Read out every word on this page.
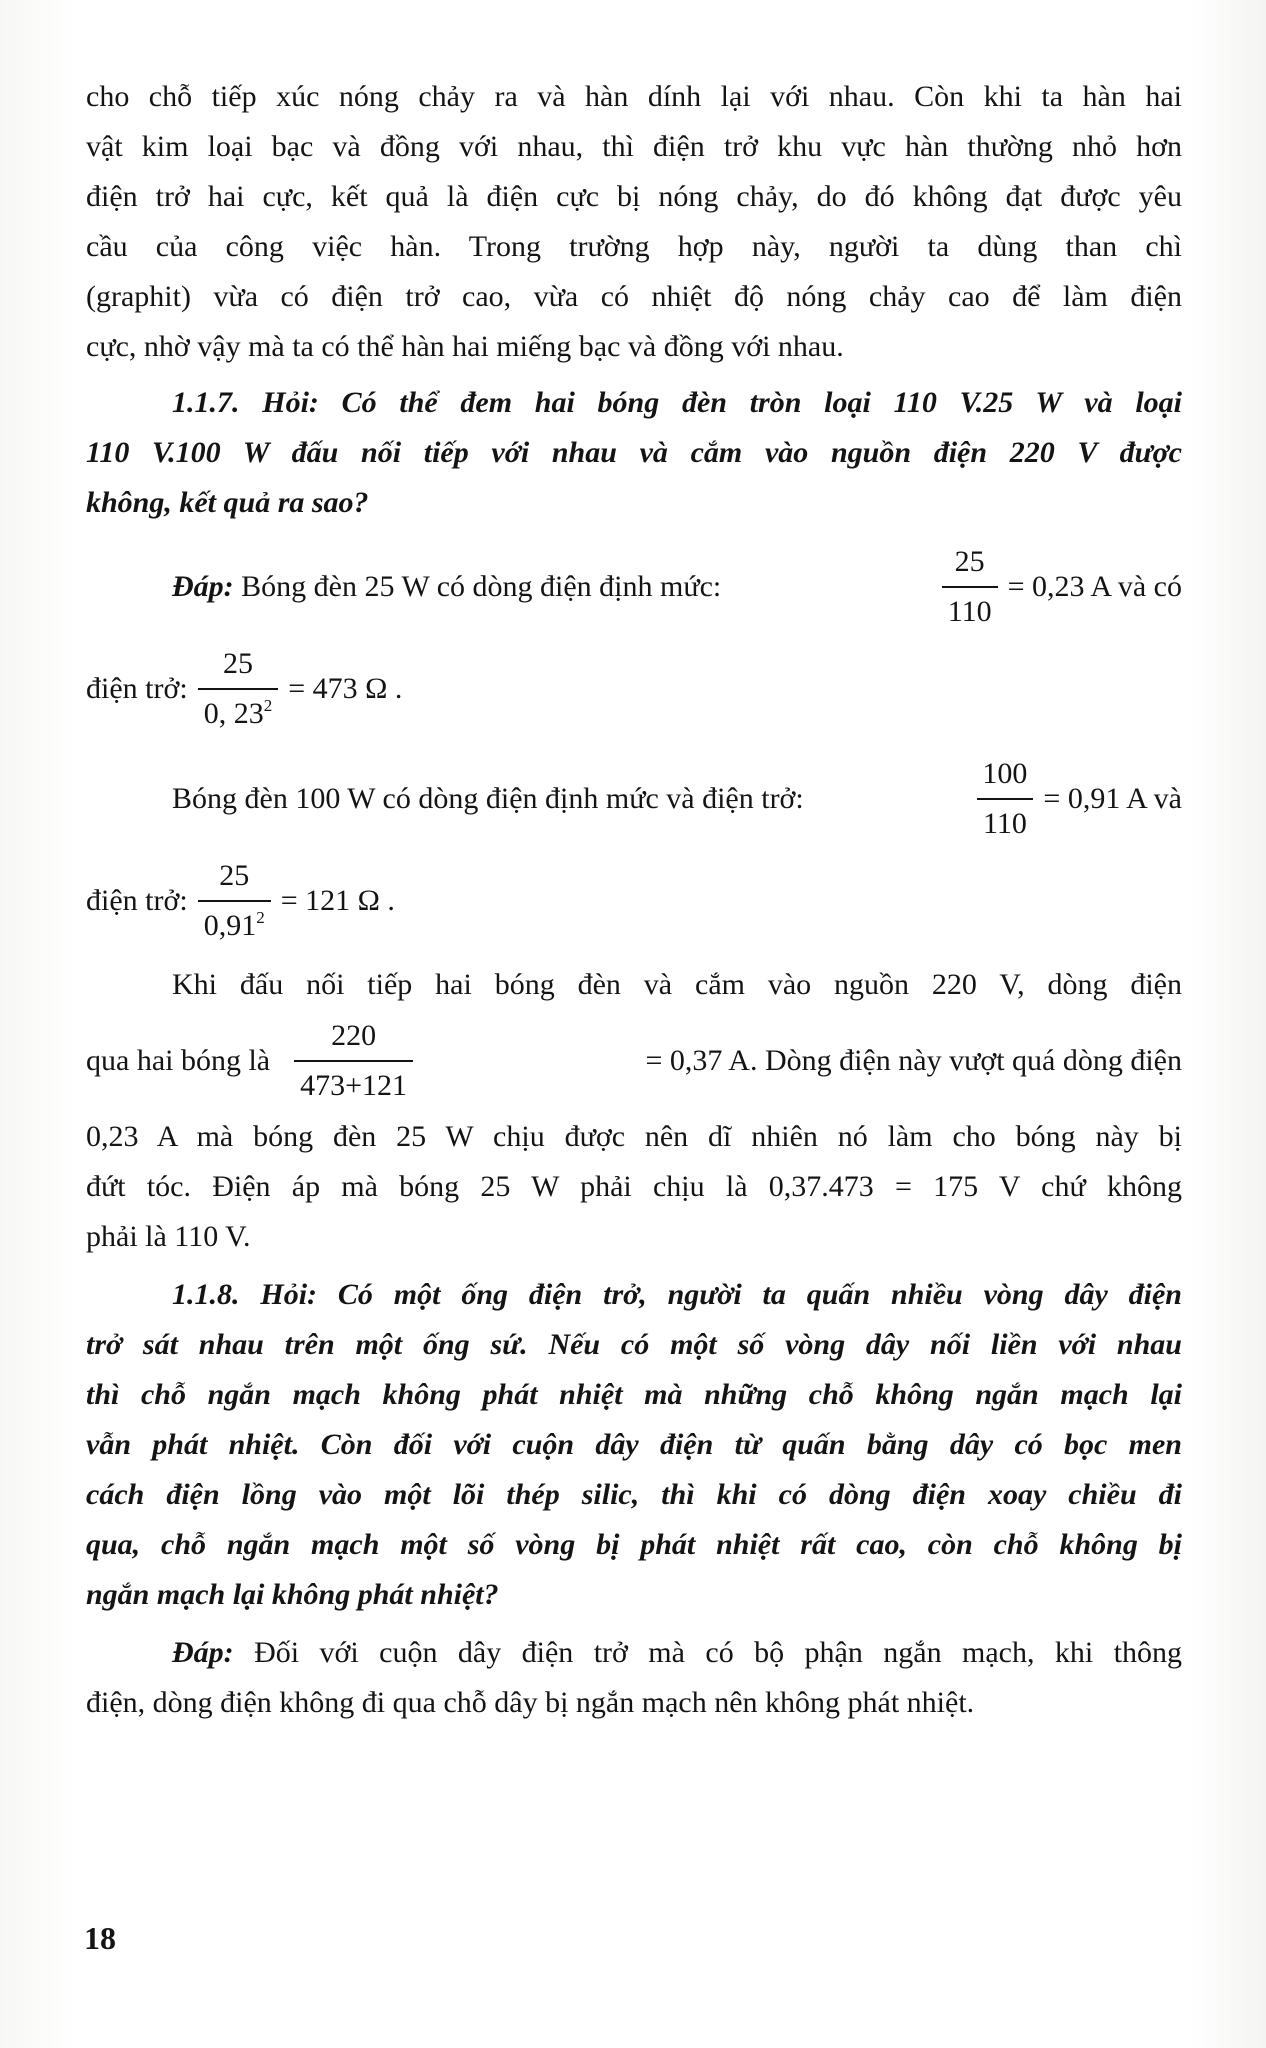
cho chỗ tiếp xúc nóng chảy ra và hàn dính lại với nhau. Còn khi ta hàn hai

vật kim loại bạc và đồng với nhau, thì điện trở khu vực hàn thường nhỏ hơn

điện trở hai cực, kết quả là điện cực bị nóng chảy, do đó không đạt được yêu

cầu của công việc hàn. Trong trường hợp này, người ta dùng than chì

(graphit) vừa có điện trở cao, vừa có nhiệt độ nóng chảy cao để làm điện

cực, nhờ vậy mà ta có thể hàn hai miếng bạc và đồng với nhau.

1.1.7. Hỏi: Có thể đem hai bóng đèn tròn loại 110 V.25 W và loại

110 V.100 W đấu nối tiếp với nhau và cắm vào nguồn điện 220 V được

không, kết quả ra sao?

Đáp: Bóng đèn 25 W có dòng điện định mức:	$\frac{25}{110} = 0,23$ A và có
điện trở: $\frac{25}{0, 23^2} = 473$ Ω .
Bóng đèn 100 W có dòng điện định mức và điện trở:	$\frac{100}{110} = 0,91$ A và
điện trở: $\frac{25}{0,91^2} = 121$ Ω .

Khi đấu nối tiếp hai bóng đèn và cắm vào nguồn 220 V, dòng điện

qua hai bóng là $\frac{220}{473+121}$	= 0,37 A. Dòng điện này vượt quá dòng điện

0,23 A mà bóng đèn 25 W chịu được nên dĩ nhiên nó làm cho bóng này bị

đứt tóc. Điện áp mà bóng 25 W phải chịu là 0,37.473 = 175 V chứ không

phải là 110 V.

1.1.8. Hỏi: Có một ống điện trở, người ta quấn nhiều vòng dây điện

trở sát nhau trên một ống sứ. Nếu có một số vòng dây nối liền với nhau

thì chỗ ngắn mạch không phát nhiệt mà những chỗ không ngắn mạch lại

vẫn phát nhiệt. Còn đối với cuộn dây điện từ quấn bằng dây có bọc men

cách điện lồng vào một lõi thép silic, thì khi có dòng điện xoay chiều đi

qua, chỗ ngắn mạch một số vòng bị phát nhiệt rất cao, còn chỗ không bị

ngắn mạch lại không phát nhiệt?

Đáp: Đối với cuộn dây điện trở mà có bộ phận ngắn mạch, khi thông

điện, dòng điện không đi qua chỗ dây bị ngắn mạch nên không phát nhiệt.

18
